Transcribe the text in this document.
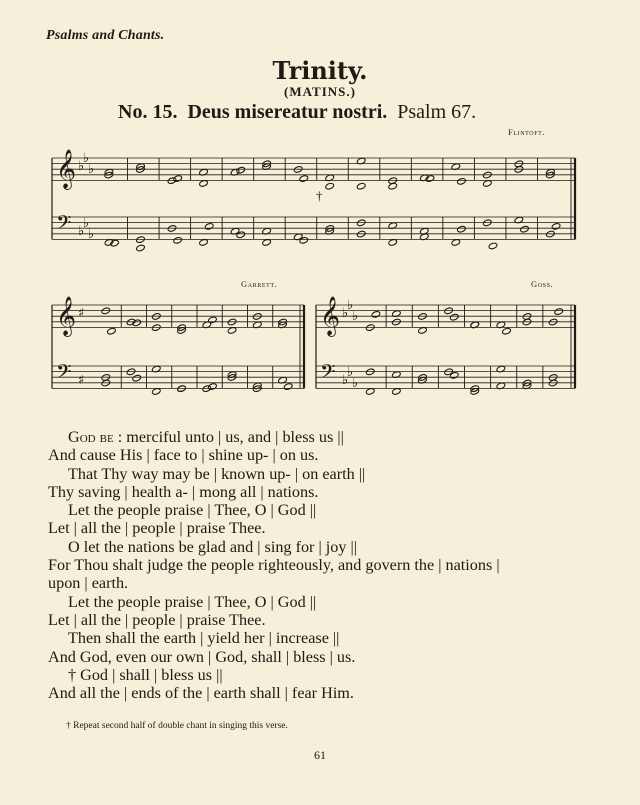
Psalms and Chants.
Trinity.
(MATINS.)
No. 15. Deus misereatur nostri. Psalm 67.
Flintoft.
Garrett.	Goss.
†
𝄞
𝄢
♭
♭
♭
♭
♭
♭
𝄞
𝄢
♯
♯
𝄞
𝄢
♭
♭
♭
♭
♭
♭
God be : merciful unto | us, and | bless us ||
And cause His | face to | shine up- | on us.
That Thy way may be | known up- | on earth ||
Thy saving | health a- | mong all | nations.
Let the people praise | Thee, O | God ||
Let | all the | people | praise Thee.
O let the nations be glad and | sing for | joy ||
For Thou shalt judge the people righteously, and govern the | nations |
upon | earth.
Let the people praise | Thee, O | God ||
Let | all the | people | praise Thee.
Then shall the earth | yield her | increase ||
And God, even our own | God, shall | bless | us.
† God | shall | bless us ||
And all the | ends of the | earth shall | fear Him.
† Repeat second half of double chant in singing this verse.
61
